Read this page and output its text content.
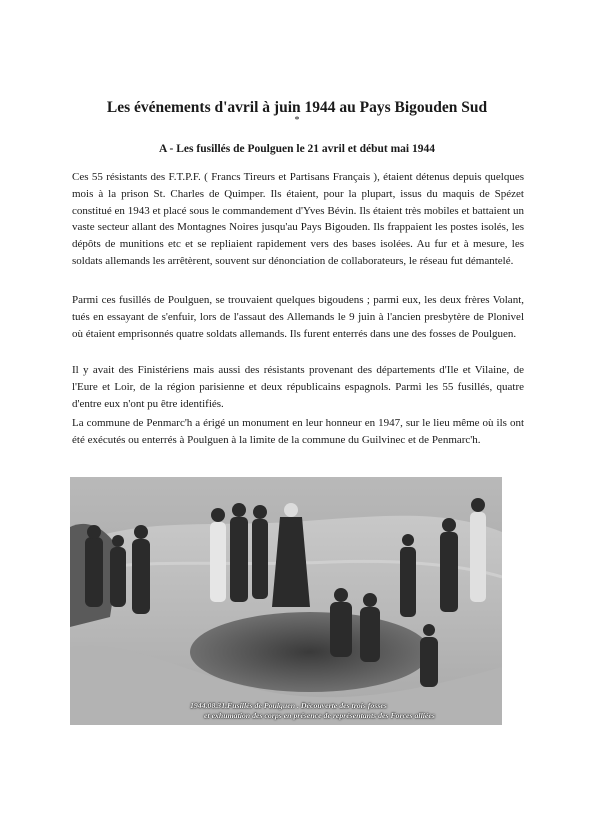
Les événements d'avril à juin 1944 au Pays Bigouden Sud
*
A - Les fusillés de Poulguen le 21 avril et début mai 1944

Ces 55 résistants des F.T.P.F. ( Francs Tireurs et Partisans Français ), étaient détenus depuis quelques mois à la prison St. Charles de Quimper. Ils étaient, pour la plupart, issus du maquis de Spézet constitué en 1943 et placé sous le commandement d'Yves Bévin. Ils étaient très mobiles et battaient un vaste secteur allant des Montagnes Noires jusqu'au Pays Bigouden. Ils frappaient les postes isolés, les dépôts de munitions etc et se repliaient rapidement vers des bases isolées. Au fur et à mesure, les soldats allemands les arrêtèrent, souvent sur dénonciation de collaborateurs, le réseau fut démantelé.

Parmi ces fusillés de Poulguen, se trouvaient quelques bigoudens ; parmi eux, les deux frères Volant, tués en essayant de s'enfuir, lors de l'assaut des Allemands le 9 juin à l'ancien presbytère de Plonivel où étaient emprisonnés quatre soldats allemands. Ils furent enterrés dans une des fosses de Poulguen.

Il y avait des Finistériens mais aussi des résistants provenant des départements d'Ile et Vilaine, de l'Eure et Loir, de la région parisienne et deux républicains espagnols. Parmi les 55 fusillés, quatre d'entre eux n'ont pu être identifiés.

La commune de Penmarc'h a érigé un monument en leur honneur en 1947, sur le lieu même où ils ont été exécutés ou enterrés à Poulguen à la limite de la commune du Guilvinec et de Penmarc'h.

1944.08.31.Fusillés de Poulguen . Découverte des trois fosses
et exhumation des corps en présence de représentants des Forces alliées
